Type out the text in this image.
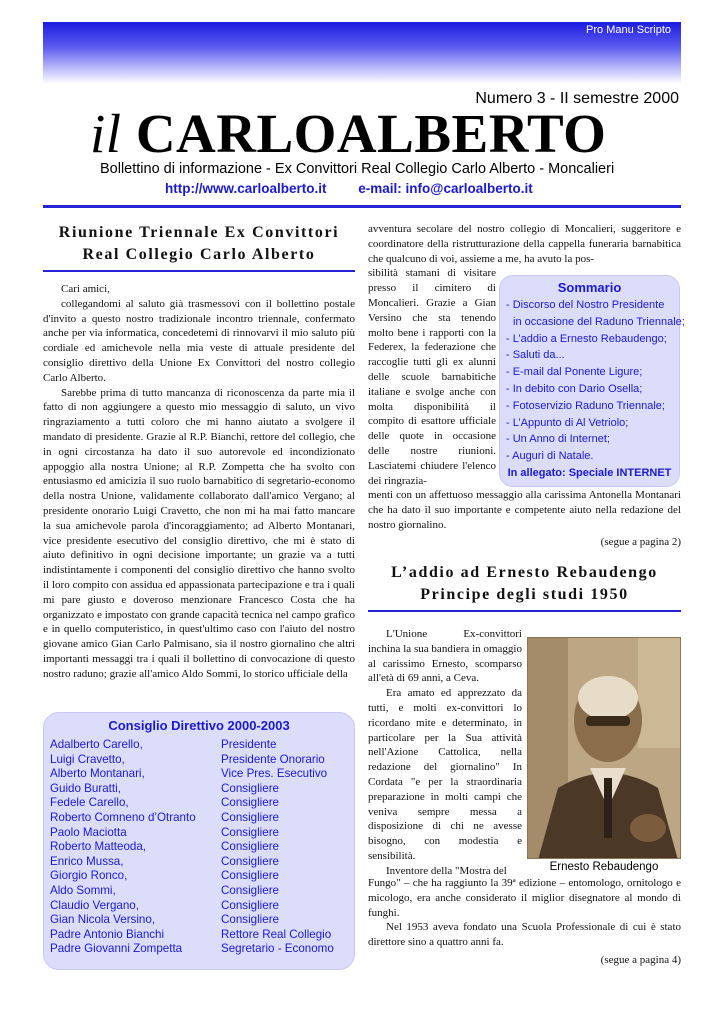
Pro Manu Scripto
Numero 3 - II semestre 2000
il CARLOALBERTO
Bollettino di informazione - Ex Convittori Real Collegio Carlo Alberto - Moncalieri
http://www.carloalberto.it e-mail: info@carloalberto.it
Riunione Triennale Ex Convittori
Real Collegio Carlo Alberto

Cari amici,

collegandomi al saluto già trasmessovi con il bollettino postale d'invito a questo nostro tradizionale incontro triennale, confermato anche per via informatica, concedetemi di rinnovarvi il mio saluto più cordiale ed amichevole nella mia veste di attuale presidente del consiglio direttivo della Unione Ex Convittori del nostro collegio Carlo Alberto.

Sarebbe prima di tutto mancanza di riconoscenza da parte mia il fatto di non aggiungere a questo mio messaggio di saluto, un vivo ringraziamento a tutti coloro che mi hanno aiutato a svolgere il mandato di presidente. Grazie al R.P. Bianchi, rettore del collegio, che in ogni circostanza ha dato il suo autorevole ed incondizionato appoggio alla nostra Unione; al R.P. Zompetta che ha svolto con entusiasmo ed amicizia il suo ruolo barnabitico di segretario-economo della nostra Unione, validamente collaborato dall'amico Vergano; al presidente onorario Luigi Cravetto, che non mi ha mai fatto mancare la sua amichevole parola d'incoraggiamento; ad Alberto Montanari, vice presidente esecutivo del consiglio direttivo, che mi è stato di aiuto definitivo in ogni decisione importante; un grazie va a tutti indistintamente i componenti del consiglio direttivo che hanno svolto il loro compito con assidua ed appassionata partecipazione e tra i quali mi pare giusto e doveroso menzionare Francesco Costa che ha organizzato e impostato con grande capacità tecnica nel campo grafico e in quello computeristico, in quest'ultimo caso con l'aiuto del nostro giovane amico Gian Carlo Palmisano, sia il nostro giornalino che altri importanti messaggi tra i quali il bollettino di convocazione di questo nostro raduno; grazie all'amico Aldo Sommi, lo storico ufficiale della

Consiglio Direttivo 2000-2003
Adalberto Carello,	Presidente
Luigi Cravetto,	Presidente Onorario
Alberto Montanari,	Vice Pres. Esecutivo
Guido Buratti,	Consigliere
Fedele Carello,	Consigliere
Roberto Comneno d’Otranto	Consigliere
Paolo Maciotta	Consigliere
Roberto Matteoda,	Consigliere
Enrico Mussa,	Consigliere
Giorgio Ronco,	Consigliere
Aldo Sommi,	Consigliere
Claudio Vergano,	Consigliere
Gian Nicola Versino,	Consigliere
Padre Antonio Bianchi	Rettore Real Collegio
Padre Giovanni Zompetta	Segretario - Economo
avventura secolare del nostro collegio di Moncalieri, suggeritore e coordinatore della ristrutturazione della cappella funeraria barnabitica che qualcuno di voi, assieme a me, ha avuto la pos-
sibilità stamani di visitare presso il cimitero di Moncalieri. Grazie a Gian Versino che sta tenendo molto bene i rapporti con la Federex, la federazione che raccoglie tutti gli ex alunni delle scuole barnabitiche italiane e svolge anche con molta disponibilità il compito di esattore ufficiale delle quote in occasione delle nostre riunioni. Lasciatemi chiudere l'elenco dei ringrazia-
menti con un affettuoso messaggio alla carissima Antonella Montanari che ha dato il suo importante e competente aiuto nella redazione del nostro giornalino.
(segue a pagina 2)
L’addio ad Ernesto Rebaudengo
Principe degli studi 1950
Sommario
- Discorso del Nostro Presidente
in occasione del Raduno Triennale;
- L’addio a Ernesto Rebaudengo;
- Saluti da...
- E-mail dal Ponente Ligure;
- In debito con Dario Osella;
- Fotoservizio Raduno Triennale;
- L’Appunto di Al Vetriolo;
- Un Anno di Internet;
- Auguri di Natale.
In allegato: Speciale INTERNET

L'Unione Ex-convittori inchina la sua bandiera in omaggio al carissimo Ernesto, scomparso all'età di 69 anni, a Ceva.

Era amato ed apprezzato da tutti, e molti ex-convittori lo ricordano mite e determinato, in particolare per la Sua attività nell'Azione Cattolica, nella redazione del giornalino" In Cordata "e per la straordinaria preparazione in molti campi che veniva sempre messa a disposizione di chi ne avesse bisogno, con modestia e sensibilità.

Inventore della "Mostra del	Ernesto Rebaudengo

Fungo" – che ha raggiunto la 39ª edizione – entomologo, ornitologo e micologo, era anche considerato il miglior disegnatore al mondo di funghi.

Nel 1953 aveva fondato una Scuola Professionale di cui è stato direttore sino a quattro anni fa.

(segue a pagina 4)
